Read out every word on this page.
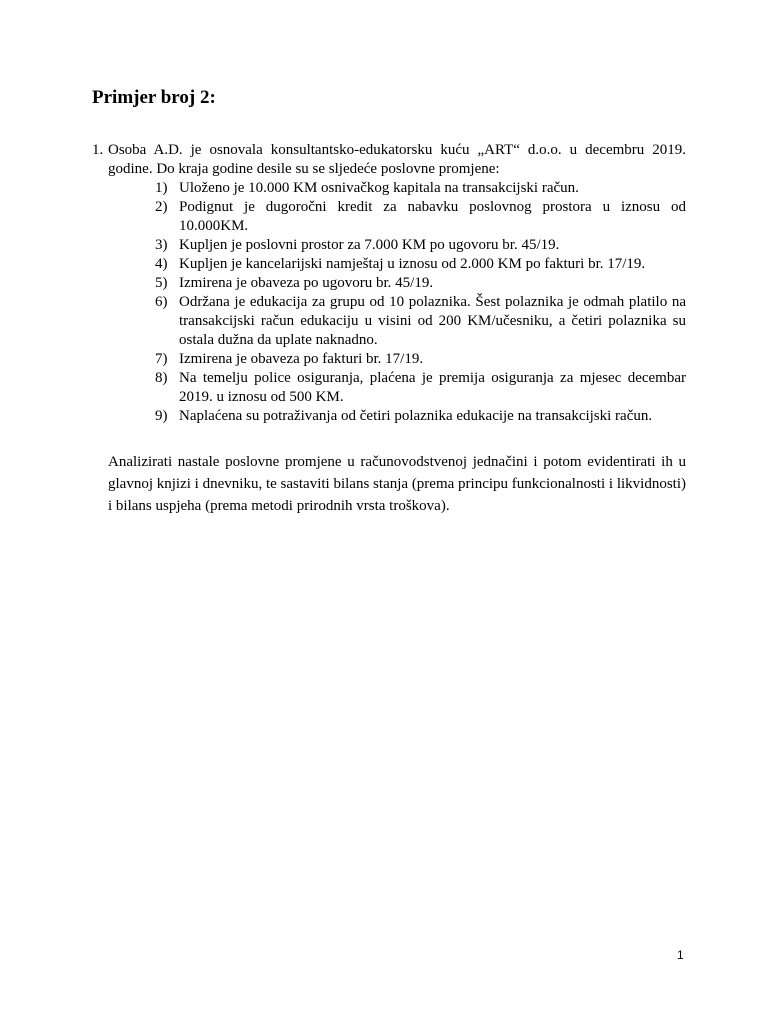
Primjer broj 2:
1. Osoba A.D. je osnovala konsultantsko-edukatorsku kuću „ART“ d.o.o. u decembru 2019. godine. Do kraja godine desile su se sljedeće poslovne promjene:

1) Uloženo je 10.000 KM osnivačkog kapitala na transakcijski račun.
2) Podignut je dugoročni kredit za nabavku poslovnog prostora u iznosu od 10.000KM.
3) Kupljen je poslovni prostor za 7.000 KM po ugovoru br. 45/19.
4) Kupljen je kancelarijski namještaj u iznosu od 2.000 KM po fakturi br. 17/19.
5) Izmirena je obaveza po ugovoru br. 45/19.
6) Održana je edukacija za grupu od 10 polaznika. Šest polaznika je odmah platilo na transakcijski račun edukaciju u visini od 200 KM/učesniku, a četiri polaznika su ostala dužna da uplate naknadno.
7) Izmirena je obaveza po fakturi br. 17/19.
8) Na temelju police osiguranja, plaćena je premija osiguranja za mjesec decembar 2019. u iznosu od 500 KM.
9) Naplaćena su potraživanja od četiri polaznika edukacije na transakcijski račun.

Analizirati nastale poslovne promjene u računovodstvenoj jednačini i potom evidentirati ih u glavnoj knjizi i dnevniku, te sastaviti bilans stanja (prema principu funkcionalnosti i likvidnosti) i bilans uspjeha (prema metodi prirodnih vrsta troškova).

1
